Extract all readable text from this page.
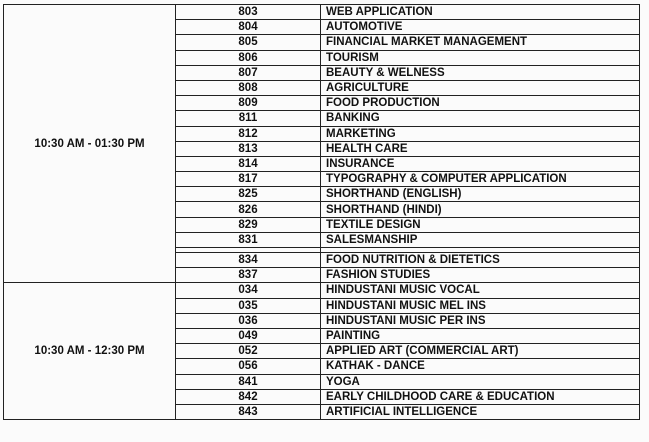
10:30 AM - 01:30 PM	803	WEB APPLICATION
	804	AUTOMOTIVE
	805	FINANCIAL MARKET MANAGEMENT
	806	TOURISM
	807	BEAUTY & WELNESS
	808	AGRICULTURE
	809	FOOD PRODUCTION
	811	BANKING
	812	MARKETING
	813	HEALTH CARE
	814	INSURANCE
	817	TYPOGRAPHY & COMPUTER APPLICATION
	825	SHORTHAND (ENGLISH)
	826	SHORTHAND (HINDI)
	829	TEXTILE DESIGN
	831	SALESMANSHIP

	834	FOOD NUTRITION & DIETETICS
	837	FASHION STUDIES
10:30 AM - 12:30 PM	034	HINDUSTANI MUSIC VOCAL
	035	HINDUSTANI MUSIC MEL INS
	036	HINDUSTANI MUSIC PER INS
	049	PAINTING
	052	APPLIED ART (COMMERCIAL ART)
	056	KATHAK - DANCE
	841	YOGA
	842	EARLY CHILDHOOD CARE & EDUCATION
	843	ARTIFICIAL INTELLIGENCE
